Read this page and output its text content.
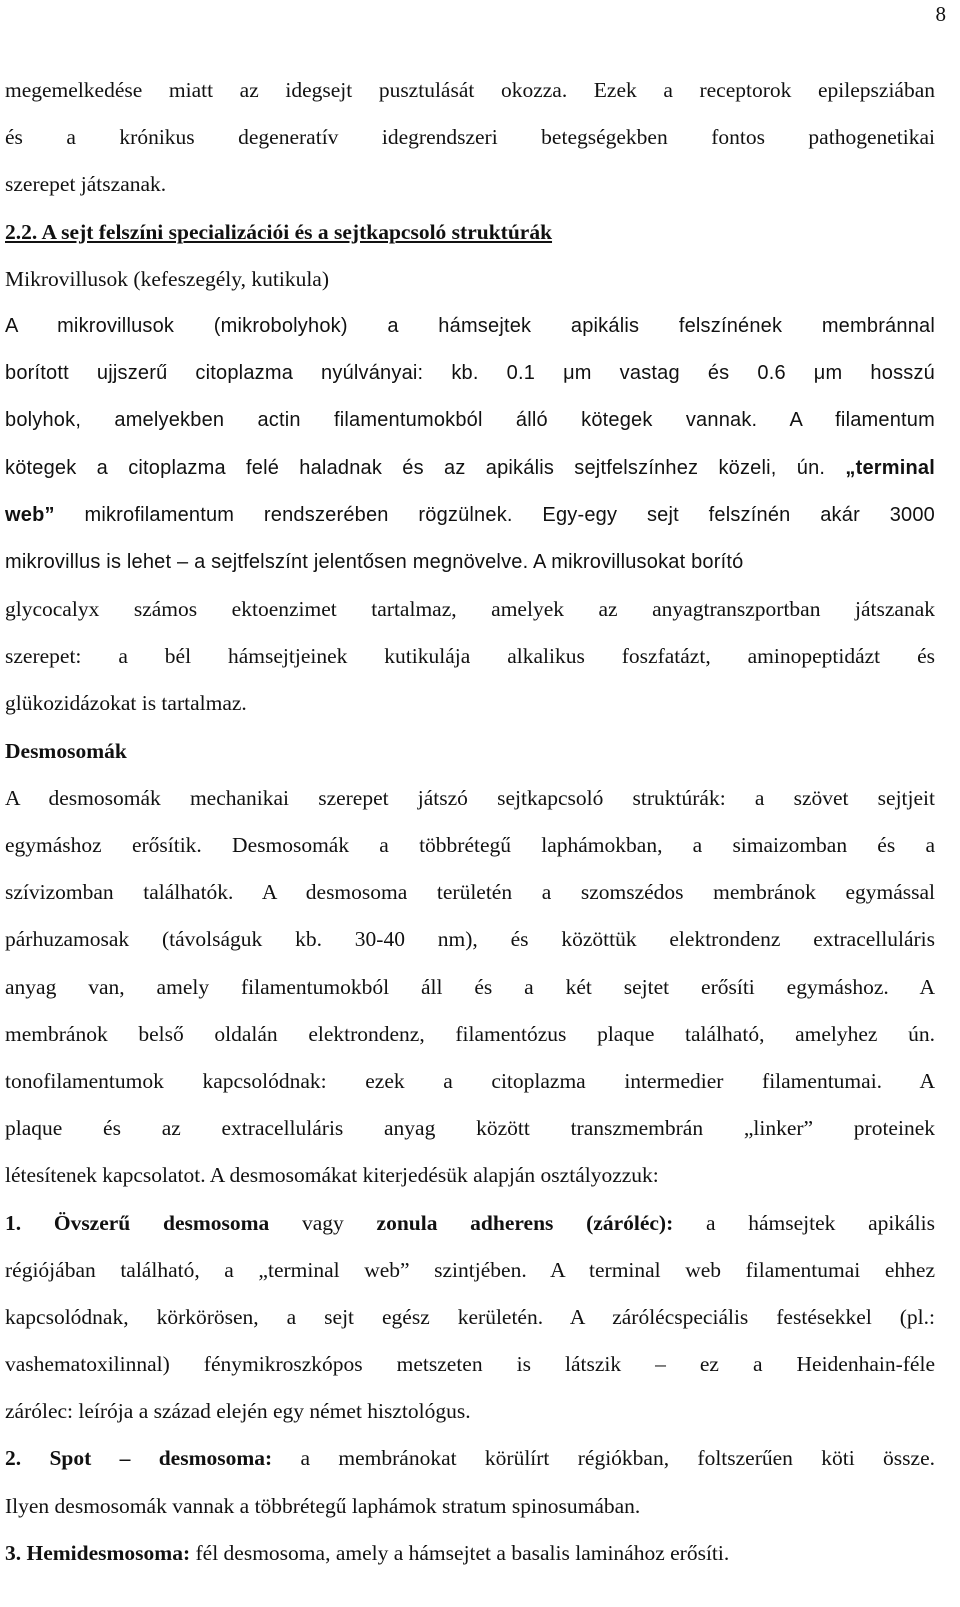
8
megemelkedése miatt az idegsejt pusztulását okozza. Ezek a receptorok epilepsziában
és a krónikus degeneratív idegrendszeri betegségekben fontos pathogenetikai
szerepet játszanak.
2.2. A sejt felszíni specializációi és a sejtkapcsoló struktúrák
Mikrovillusok (kefeszegély, kutikula)
A mikrovillusok (mikrobolyhok) a hámsejtek apikális felszínének membránnal
borított ujjszerű citoplazma nyúlványai: kb. 0.1 μm vastag és 0.6 μm hosszú
bolyhok, amelyekben actin filamentumokból álló kötegek vannak. A filamentum
kötegek a citoplazma felé haladnak és az apikális sejtfelszínhez közeli, ún. „terminal
web” mikrofilamentum rendszerében rögzülnek. Egy-egy sejt felszínén akár 3000
mikrovillus is lehet – a sejtfelszínt jelentősen megnövelve. A mikrovillusokat borító
glycocalyx számos ektoenzimet tartalmaz, amelyek az anyagtranszportban játszanak
szerepet: a bél hámsejtjeinek kutikulája alkalikus foszfatázt, aminopeptidázt és
glükozidázokat is tartalmaz.
Desmosomák
A desmosomák mechanikai szerepet játszó sejtkapcsoló struktúrák: a szövet sejtjeit
egymáshoz erősítik. Desmosomák a többrétegű laphámokban, a simaizomban és a
szívizomban találhatók. A desmosoma területén a szomszédos membránok egymással
párhuzamosak (távolságuk kb. 30-40 nm), és közöttük elektrondenz extracelluláris
anyag van, amely filamentumokból áll és a két sejtet erősíti egymáshoz. A
membránok belső oldalán elektrondenz, filamentózus plaque található, amelyhez ún.
tonofilamentumok kapcsolódnak: ezek a citoplazma intermedier filamentumai. A
plaque és az extracelluláris anyag között transzmembrán „linker” proteinek
létesítenek kapcsolatot. A desmosomákat kiterjedésük alapján osztályozzuk:
1. Övszerű desmosoma vagy zonula adherens (záróléc): a hámsejtek apikális
régiójában található, a „terminal web” szintjében. A terminal web filamentumai ehhez
kapcsolódnak, körkörösen, a sejt egész kerületén. A zárólécspeciális festésekkel (pl.:
vashematoxilinnal) fénymikroszkópos metszeten is látszik – ez a Heidenhain-féle
zárólec: leírója a század elején egy német hisztológus.
2. Spot – desmosoma: a membránokat körülírt régiókban, foltszerűen köti össze.
Ilyen desmosomák vannak a többrétegű laphámok stratum spinosumában.
3. Hemidesmosoma: fél desmosoma, amely a hámsejtet a basalis laminához erősíti.
